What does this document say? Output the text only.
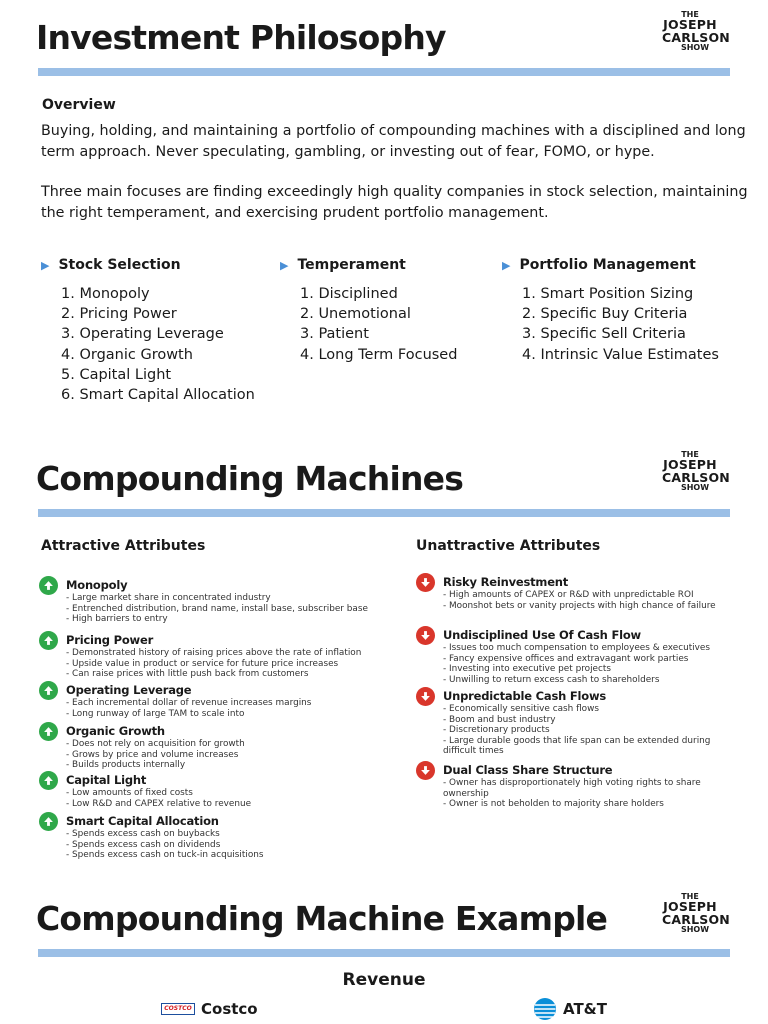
Investment Philosophy
THE
JOSEPH
CARLSON
SHOW
Overview
Buying, holding, and maintaining a portfolio of compounding machines with a disciplined and long term approach. Never speculating, gambling, or investing out of fear, FOMO, or hype.
Three main focuses are finding exceedingly high quality companies in stock selection, maintaining the right temperament, and exercising prudent portfolio management.
▶ Stock Selection
1. Monopoly
2. Pricing Power
3. Operating Leverage
4. Organic Growth
5. Capital Light
6. Smart Capital Allocation
▶ Temperament
1. Disciplined
2. Unemotional
3. Patient
4. Long Term Focused
▶ Portfolio Management
1. Smart Position Sizing
2. Specific Buy Criteria
3. Specific Sell Criteria
4. Intrinsic Value Estimates
Compounding Machines
THE
JOSEPH
CARLSON
SHOW
Attractive Attributes	Unattractive Attributes
Monopoly
- Large market share in concentrated industry
- Entrenched distribution, brand name, install base, subscriber base
- High barriers to entry
Pricing Power
- Demonstrated history of raising prices above the rate of inflation
- Upside value in product or service for future price increases
- Can raise prices with little push back from customers
Operating Leverage
- Each incremental dollar of revenue increases margins
- Long runway of large TAM to scale into
Organic Growth
- Does not rely on acquisition for growth
- Grows by price and volume increases
- Builds products internally
Capital Light
- Low amounts of fixed costs
- Low R&D and CAPEX relative to revenue
Smart Capital Allocation
- Spends excess cash on buybacks
- Spends excess cash on dividends
- Spends excess cash on tuck-in acquisitions
Risky Reinvestment
- High amounts of CAPEX or R&D with unpredictable ROI
- Moonshot bets or vanity projects with high chance of failure
Undisciplined Use Of Cash Flow
- Issues too much compensation to employees & executives
- Fancy expensive offices and extravagant work parties
- Investing into executive pet projects
- Unwilling to return excess cash to shareholders
Unpredictable Cash Flows
- Economically sensitive cash flows
- Boom and bust industry
- Discretionary products
- Large durable goods that life span can be extended during difficult times
Dual Class Share Structure
- Owner has disproportionately high voting rights to share ownership
- Owner is not beholden to majority share holders
Compounding Machine Example
THE
JOSEPH
CARLSON
SHOW
Revenue
COSTCO Costco	AT&T
